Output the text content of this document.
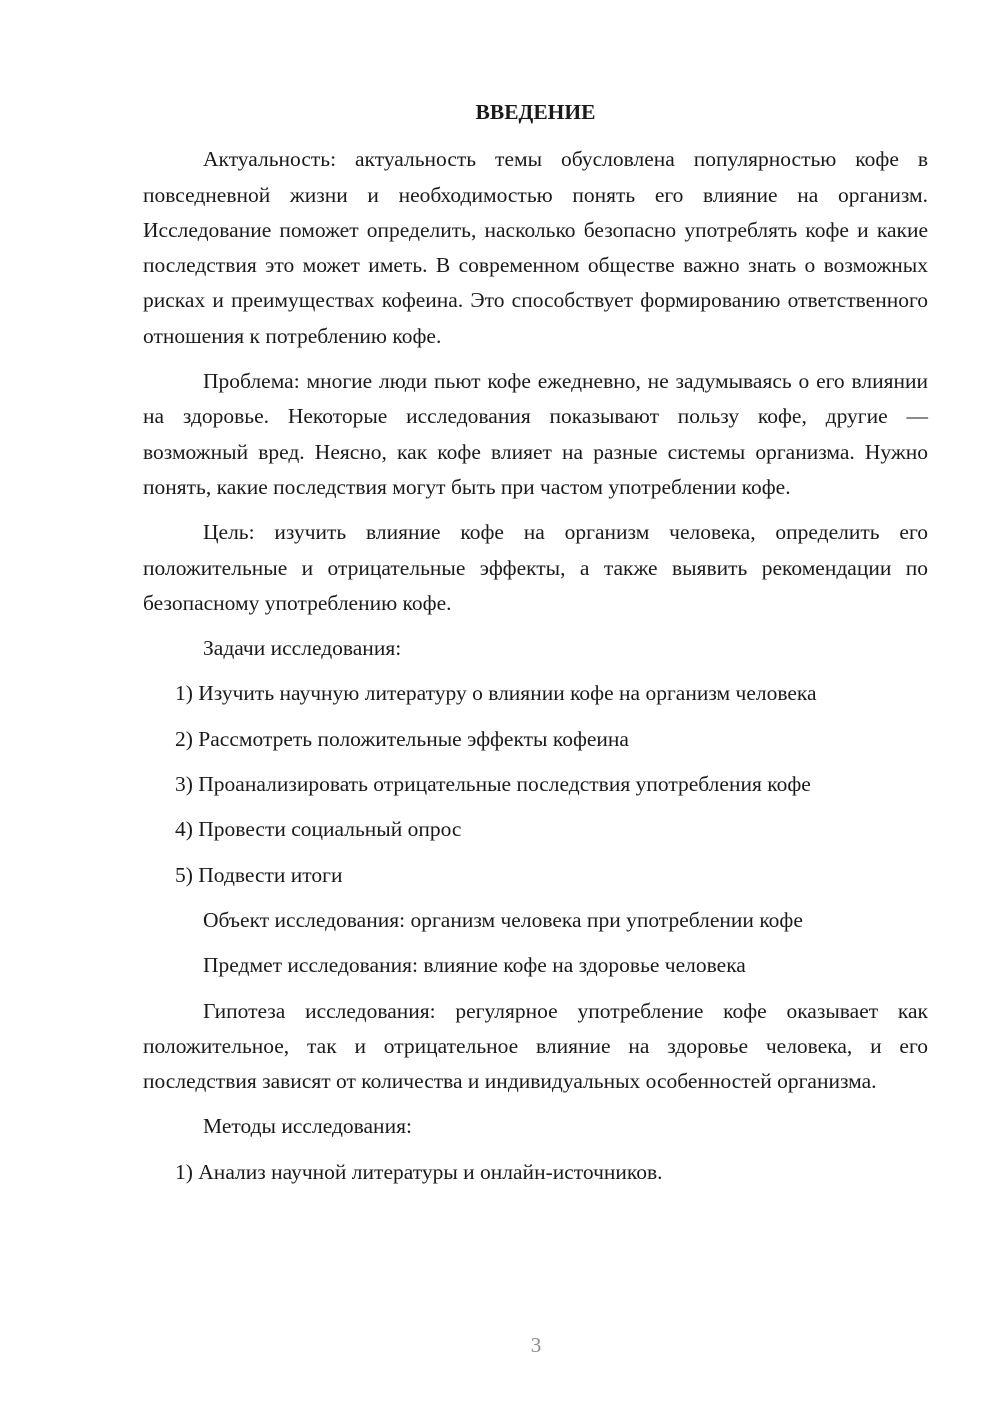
ВВЕДЕНИЕ
Актуальность: актуальность темы обусловлена популярностью кофе в повседневной жизни и необходимостью понять его влияние на организм. Исследование поможет определить, насколько безопасно употреблять кофе и какие последствия это может иметь. В современном обществе важно знать о возможных рисках и преимуществах кофеина. Это способствует формированию ответственного отношения к потреблению кофе.
Проблема: многие люди пьют кофе ежедневно, не задумываясь о его влиянии на здоровье. Некоторые исследования показывают пользу кофе, другие — возможный вред. Неясно, как кофе влияет на разные системы организма. Нужно понять, какие последствия могут быть при частом употреблении кофе.
Цель: изучить влияние кофе на организм человека, определить его положительные и отрицательные эффекты, а также выявить рекомендации по безопасному употреблению кофе.
Задачи исследования:
1) Изучить научную литературу о влиянии кофе на организм человека
2) Рассмотреть положительные эффекты кофеина
3) Проанализировать отрицательные последствия употребления кофе
4) Провести социальный опрос
5) Подвести итоги
Объект исследования: организм человека при употреблении кофе
Предмет исследования: влияние кофе на здоровье человека
Гипотеза исследования: регулярное употребление кофе оказывает как положительное, так и отрицательное влияние на здоровье человека, и его последствия зависят от количества и индивидуальных особенностей организма.
Методы исследования:
1) Анализ научной литературы и онлайн-источников.
3
